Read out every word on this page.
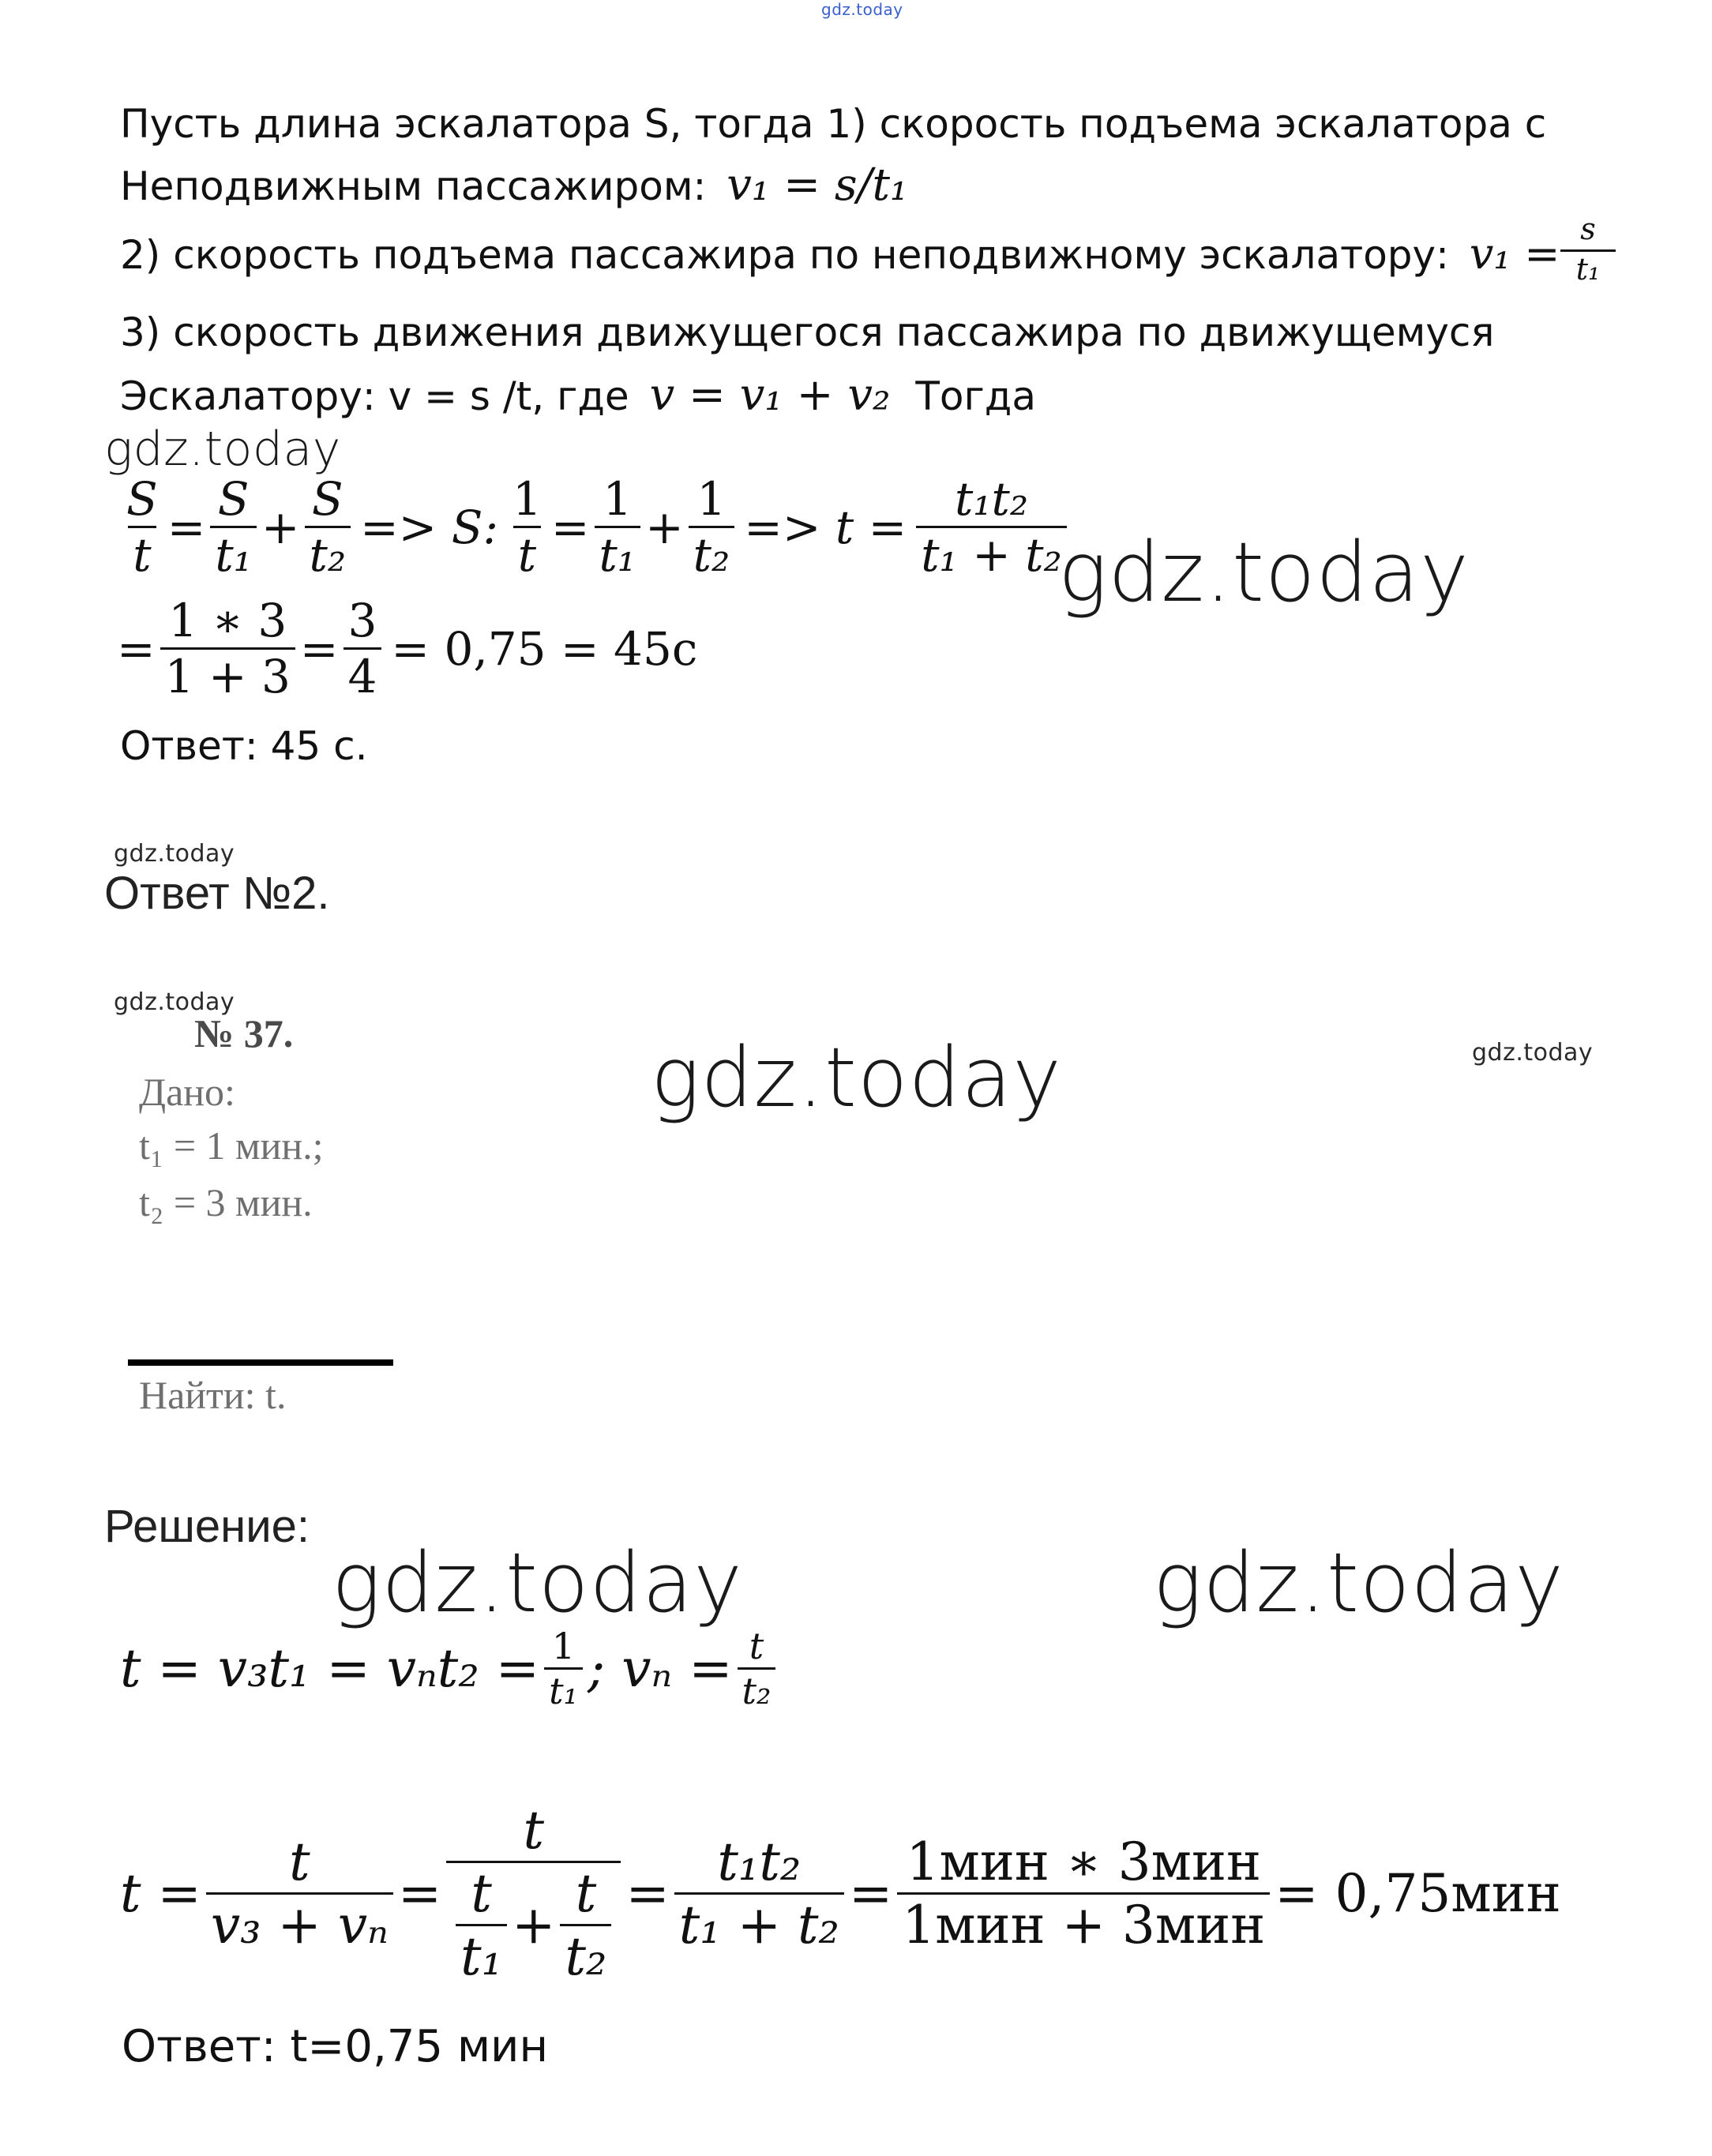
gdz.today
Пусть длина эскалатора S, тогда 1) скорость подъема эскалатора с
Неподвижным пассажиром: v₁ = s/t₁
2) скорость подъема пассажира по неподвижному эскалатору: $v_1 = \frac{s}{\text{t₁}}$
3) скорость движения движущегося пассажира по движущемуся
Эскалатору: v = s /t, где v = v₁ + v₂ Тогда
gdz.today
$\frac{S}{t} = \frac{S}{\text{t₁}} + \frac{S}{\text{t₂}} => S$: $\frac{1}{t} = \frac{1}{\text{t₁}} + \frac{1}{\text{t₂}} => t = \frac{\text{t₁t₂}}{\text{t₁ + t₂}}$
gdz.today
= $\frac{1 ∗ 3}{1 + 3} = \frac{3}{4} = 0,75 = 45c$
Ответ: 45 с.
gdz.today
Ответ №2.
gdz.today
№ 37.
Дано:
t₁ = 1 мин.;
t₂ = 3 мин.
gdz.today	gdz.today
Найти: t.
Решение:
gdz.today	gdz.today
$t = v_3t_1 = v_nt_2 = \frac{1}{\text{t₁}}$ ; $v_n = \frac{t}{\text{t₂}}$
$t = \frac{t}{\text{v₃ + vₙ}} = \frac{t}{\frac{t}{\text{t₁}} + \frac{t}{\text{t₂}}} = \frac{\text{t₁t₂}}{\text{t₁ + t₂}} = \frac{\text{1мин ∗ 3мин}}{\text{1мин + 3мин}} = 0,75мин$
Ответ: t=0,75 мин
